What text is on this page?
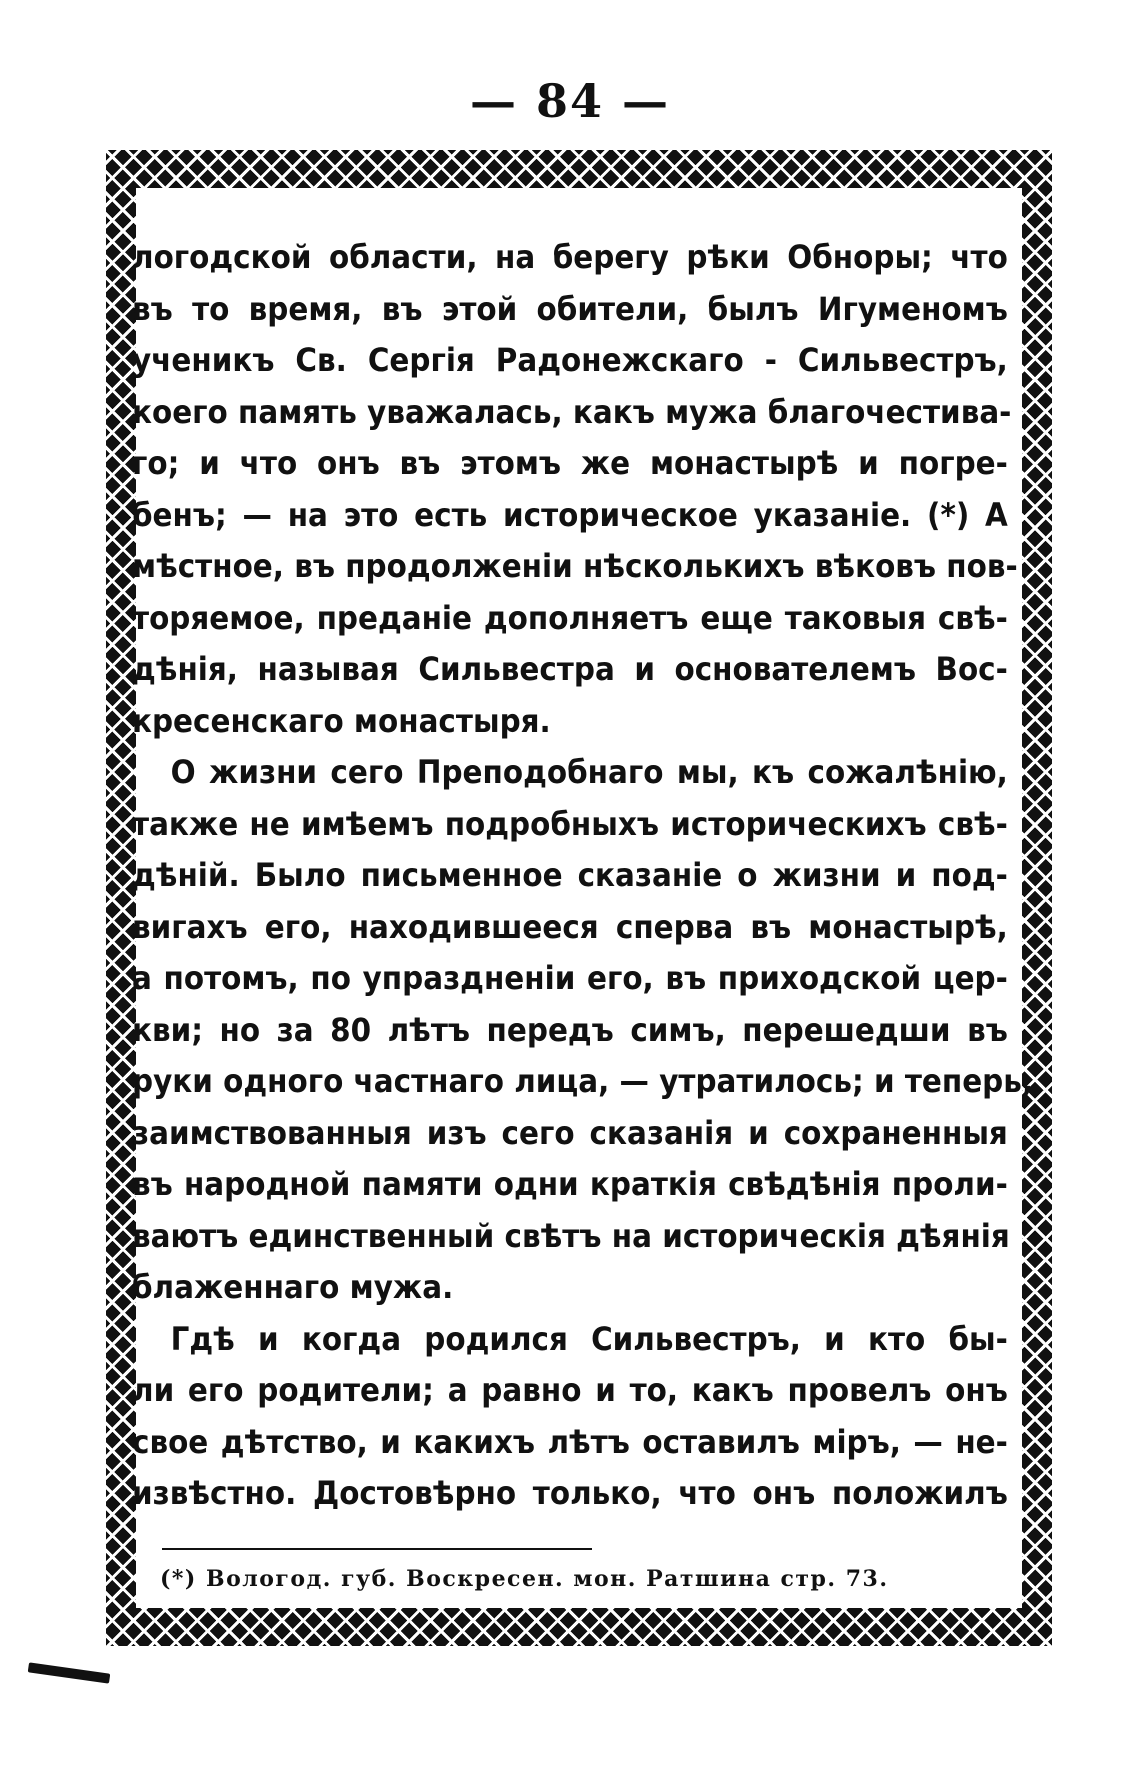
— 84 —
логодской области, на берегу рѣки Обноры; что
въ то время, въ этой обители, былъ Игуменомъ
ученикъ Св. Сергія Радонежскаго - Сильвестръ,
коего память уважалась, какъ мужа благочестива-
го; и что онъ въ этомъ же монастырѣ и погре-
бенъ; — на это есть историческое указаніе. (*) А
мѣстное, въ продолженіи нѣсколькихъ вѣковъ пов-
торяемое, преданіе дополняетъ еще таковыя свѣ-
дѣнія, называя Сильвестра и основателемъ Вос-
кресенскаго монастыря.
О жизни сего Преподобнаго мы, къ сожалѣнію,
также не имѣемъ подробныхъ историческихъ свѣ-
дѣній. Было письменное сказаніе о жизни и под-
вигахъ его, находившееся сперва въ монастырѣ,
а потомъ, по упраздненіи его, въ приходской цер-
кви; но за 80 лѣтъ передъ симъ, перешедши въ
руки одного частнаго лица, — утратилось; и теперь,
заимствованныя изъ сего сказанія и сохраненныя
въ народной памяти одни краткія свѣдѣнія проли-
ваютъ единственный свѣтъ на историческія дѣянія
блаженнаго мужа.
Гдѣ и когда родился Сильвестръ, и кто бы-
ли его родители; а равно и то, какъ провелъ онъ
свое дѣтство, и какихъ лѣтъ оставилъ міръ, — не-
извѣстно. Достовѣрно только, что онъ положилъ
(*) Вологод. губ. Воскресен. мон. Ратшина стр. 73.
